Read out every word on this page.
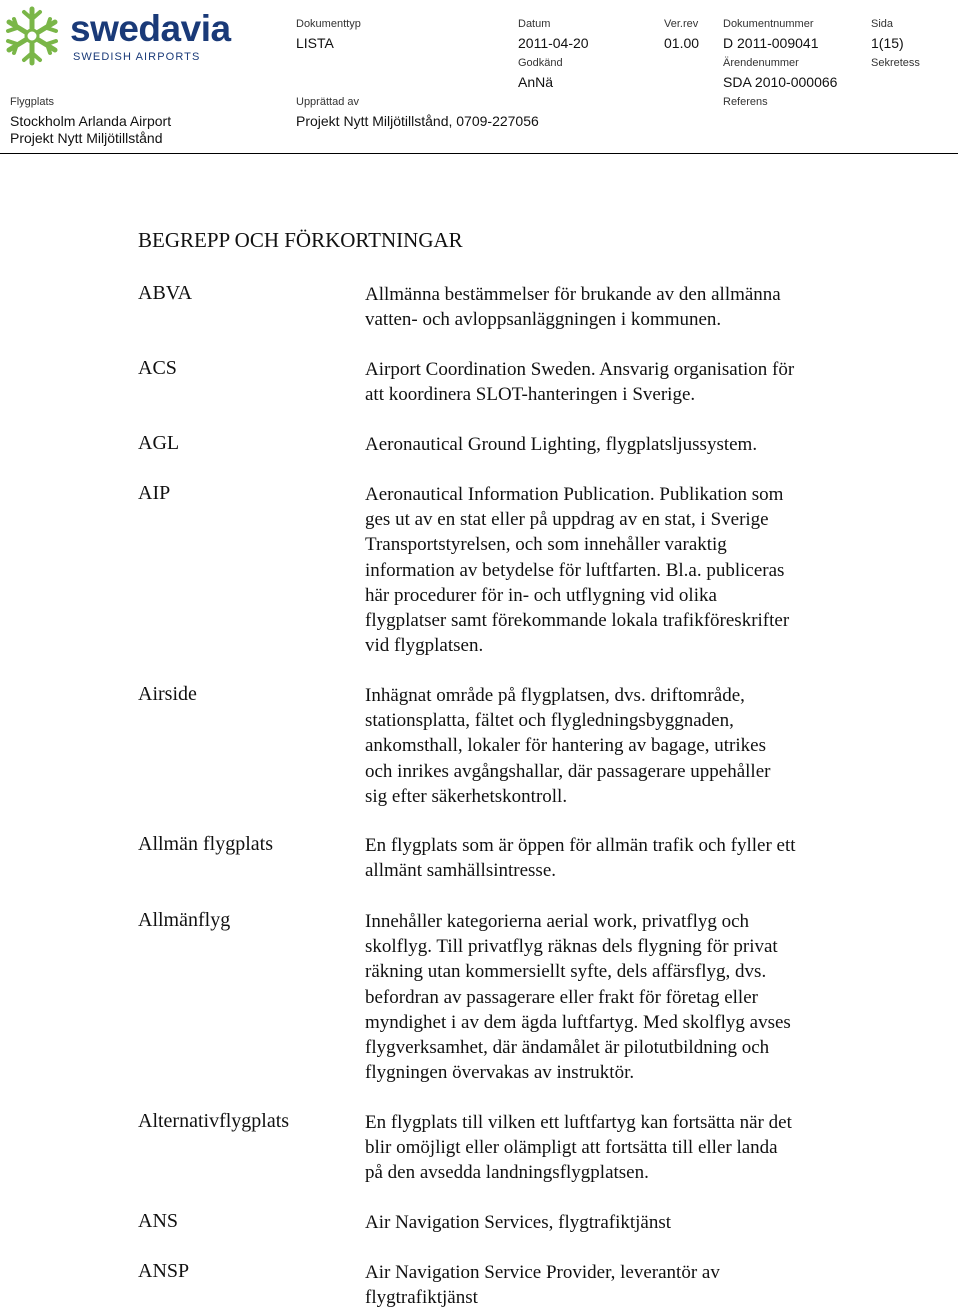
swedavia
SWEDISH AIRPORTS
Dokumenttyp
LISTA
Datum
2011-04-20
Ver.rev
01.00
Dokumentnummer
D 2011-009041
Sida
1(15)
Godkänd
AnNä
Ärendenummer
SDA 2010-000066
Sekretess
Flygplats
Stockholm Arlanda Airport
Projekt Nytt Miljötillstånd
Upprättad av
Projekt Nytt Miljötillstånd, 0709-227056
Referens
BEGREPP OCH FÖRKORTNINGAR
ABVA	Allmänna bestämmelser för brukande av den allmänna
vatten- och avloppsanläggningen i kommunen.
ACS	Airport Coordination Sweden. Ansvarig organisation för
att koordinera SLOT-hanteringen i Sverige.
AGL	Aeronautical Ground Lighting, flygplatsljussystem.
AIP	Aeronautical Information Publication. Publikation som
ges ut av en stat eller på uppdrag av en stat, i Sverige
Transportstyrelsen, och som innehåller varaktig
information av betydelse för luftfarten. Bl.a. publiceras
här procedurer för in- och utflygning vid olika
flygplatser samt förekommande lokala trafikföreskrifter
vid flygplatsen.
Airside	Inhägnat område på flygplatsen, dvs. driftområde,
stationsplatta, fältet och flygledningsbyggnaden,
ankomsthall, lokaler för hantering av bagage, utrikes
och inrikes avgångshallar, där passagerare uppehåller
sig efter säkerhetskontroll.
Allmän flygplats	En flygplats som är öppen för allmän trafik och fyller ett
allmänt samhällsintresse.
Allmänflyg	Innehåller kategorierna aerial work, privatflyg och
skolflyg. Till privatflyg räknas dels flygning för privat
räkning utan kommersiellt syfte, dels affärsflyg, dvs.
befordran av passagerare eller frakt för företag eller
myndighet i av dem ägda luftfartyg. Med skolflyg avses
flygverksamhet, där ändamålet är pilotutbildning och
flygningen övervakas av instruktör.
Alternativflygplats	En flygplats till vilken ett luftfartyg kan fortsätta när det
blir omöjligt eller olämpligt att fortsätta till eller landa
på den avsedda landningsflygplatsen.
ANS	Air Navigation Services, flygtrafiktjänst
ANSP	Air Navigation Service Provider, leverantör av
flygtrafiktjänst
